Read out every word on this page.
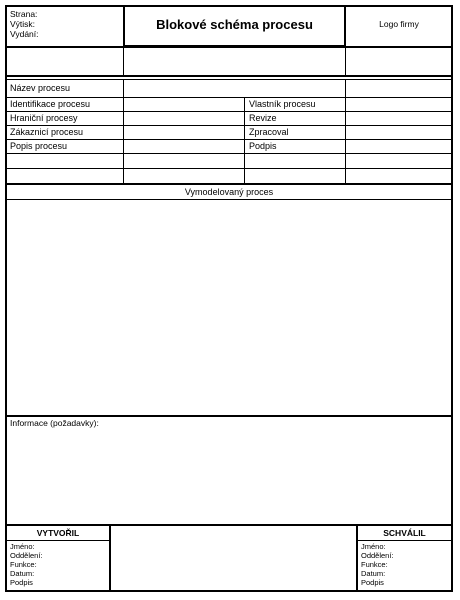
Strana:
Výtisk:
Vydání:
Blokové schéma procesu	Logo firmy
Název procesu
Identifikace procesu
Hraniční procesy
Zákaznicí procesu
Popis procesu
Vlastník procesu
Revize
Zpracoval
Podpis
Vymodelovaný proces
Informace (požadavky):
VYTVOŘIL
Jméno:
Oddělení:
Funkce:
Datum:
Podpis
SCHVÁLIL
Jméno:
Oddělení:
Funkce:
Datum:
Podpis
